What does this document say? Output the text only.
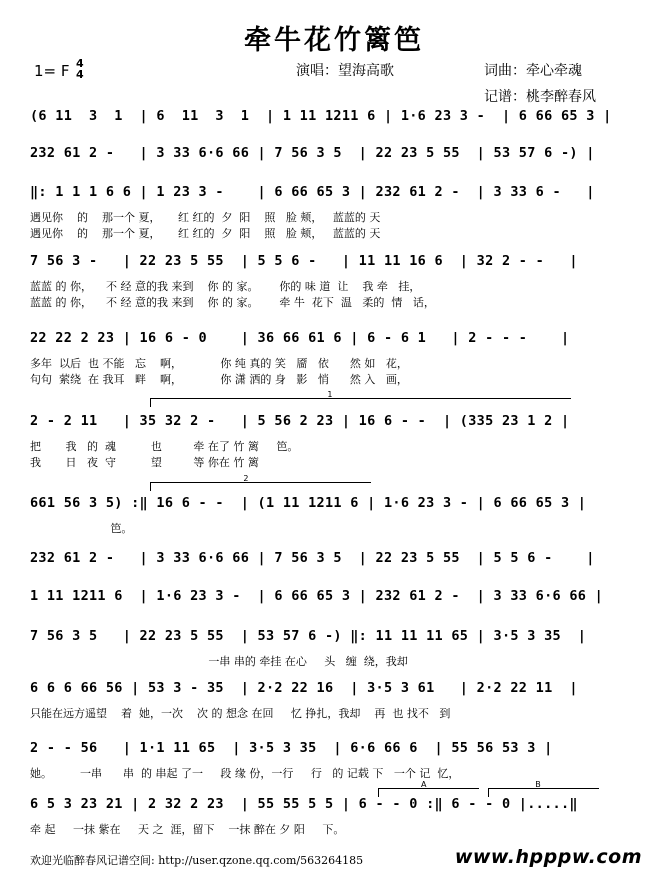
牵牛花竹篱笆
1= F 4
4	演唱：望海高歌	词曲：牵心牵魂
记谱：桃李醉春风
(6 11  3  1  | 6  11  3  1  | 1 11 1211 6 | 1·6 23 3 -  | 6 66 65 3 |
232 61 2 -   | 3 33 6·6 66 | 7 56 3 5  | 22 23 5 55  | 53 57 6 -) |
‖: 1 1 1 6 6 | 1 23 3 -    | 6 66 65 3 | 232 61 2 -  | 3 33 6 -   |
遇见你    的    那一个 夏，     红 红的  夕  阳    照   脸 颊，   蓝蓝的 天
遇见你    的    那一个 夏，     红 红的  夕  阳    照   脸 颊，   蓝蓝的 天
7 56 3 -   | 22 23 5 55  | 5 5 6 -   | 11 11 16 6  | 32 2 - -   |
蓝蓝 的 你，    不 经 意的我 来到    你 的 家。      你的 味 道  让    我 牵   挂，
蓝蓝 的 你，    不 经 意的我 来到    你 的 家。      牵 牛  花下  温   柔的  情   话，
22 22 2 23 | 16 6 - 0    | 36 66 61 6 | 6 - 6 1   | 2 - - -    |
多年  以后  也 不能   忘    啊，           你 纯 真的 笑   靥   依      然 如   花，
句句  萦绕  在 我耳   畔    啊，           你 潇 洒的 身   影   悄      然 入   画，
2 - 2 11   | 35 32 2 -   | 5 56 2 23 | 16 6 - -  | (335 23 1 2 |
把       我   的  魂          也         牵 在了 竹 篱     笆。
我       日   夜  守          望         等 你在 竹 篱
661 56 3 5) :‖ 16 6 - -  | (1 11 1211 6 | 1·6 23 3 - | 6 66 65 3 |
笆。
232 61 2 -   | 3 33 6·6 66 | 7 56 3 5  | 22 23 5 55  | 5 5 6 -    |
1 11 1211 6  | 1·6 23 3 -  | 6 66 65 3 | 232 61 2 -  | 3 33 6·6 66 |
7 56 3 5   | 22 23 5 55  | 53 57 6 -) ‖: 11 11 11 65 | 3·5 3 35  |
一串 串的 牵挂 在心     头   缠  绕，我却
6 6 6 66 56 | 53 3 - 35  | 2·2 22 16  | 3·5 3 61   | 2·2 22 11  |
只能在远方遥望    着  她，一次    次 的 想念 在回     忆 挣扎，我却    再  也 找不   到
2 - - 56   | 1·1 11 65  | 3·5 3 35  | 6·6 66 6  | 55 56 53 3 |
她。        一串      串  的 串起 了一     段 缘 份，一行     行   的 记载 下   一个 记  忆，
6 5 3 23 21 | 2 32 2 23  | 55 55 5 5 | 6 - - 0 :‖ 6 - - 0 |.....‖
牵 起     一抹 紫在     天 之  涯，留下    一抹 醉在 夕 阳     下。
1
2
A	B
欢迎光临醉春风记谱空间: http://user.qzone.qq.com/563264185	www.hpppw.com
